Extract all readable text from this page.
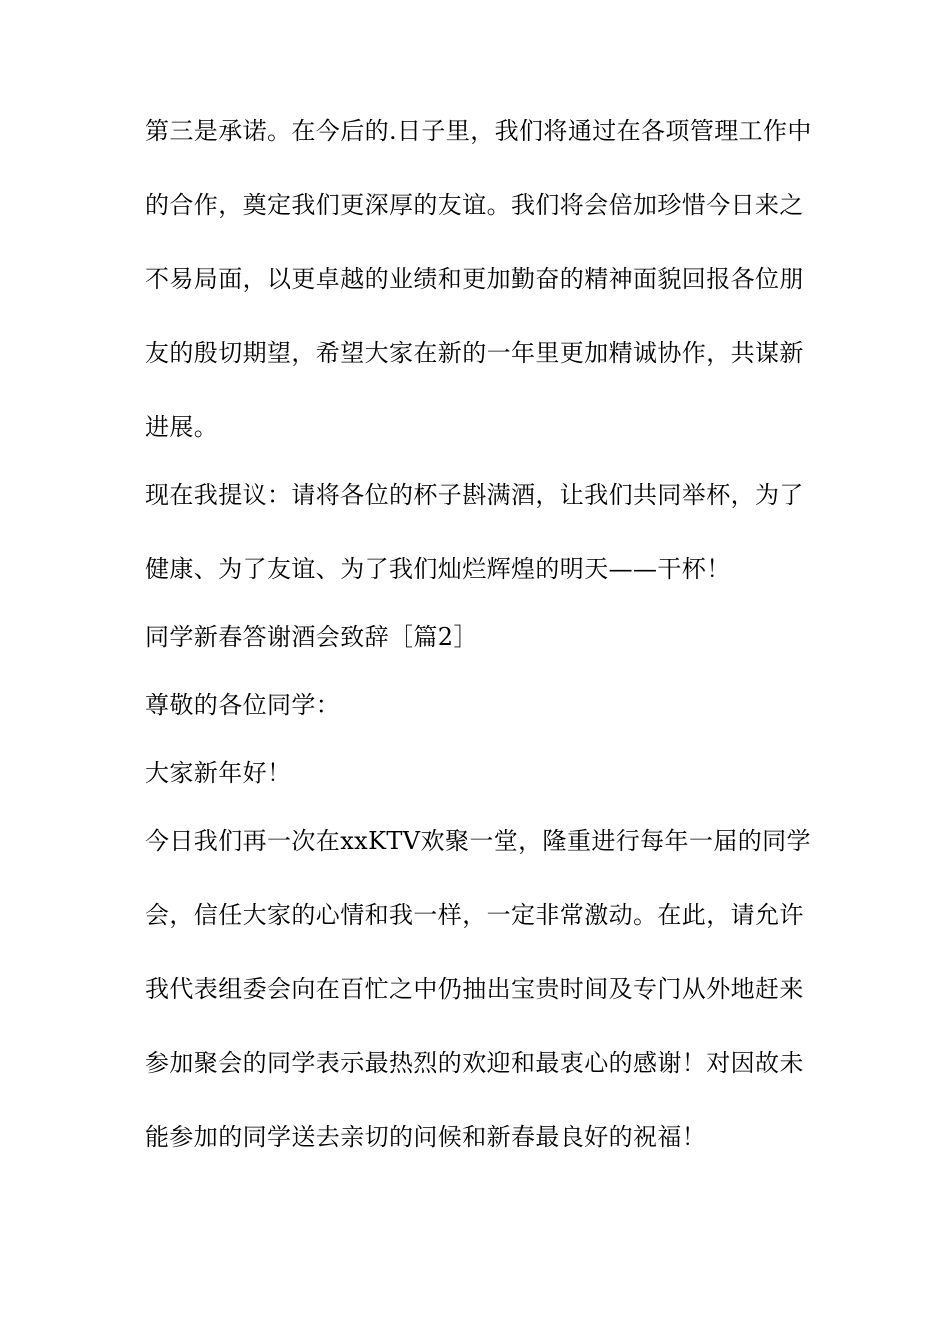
第三是承诺。在今后的.日子里，我们将通过在各项管理工作中
的合作，奠定我们更深厚的友谊。我们将会倍加珍惜今日来之
不易局面，以更卓越的业绩和更加勤奋的精神面貌回报各位朋
友的殷切期望，希望大家在新的一年里更加精诚协作，共谋新
进展。
现在我提议：请将各位的杯子斟满酒，让我们共同举杯，为了
健康、为了友谊、为了我们灿烂辉煌的明天——干杯！
同学新春答谢酒会致辞［篇2］
尊敬的各位同学：
大家新年好！
今日我们再一次在xxKTV欢聚一堂，隆重进行每年一届的同学
会，信任大家的心情和我一样，一定非常激动。在此，请允许
我代表组委会向在百忙之中仍抽出宝贵时间及专门从外地赶来
参加聚会的同学表示最热烈的欢迎和最衷心的感谢！对因故未
能参加的同学送去亲切的问候和新春最良好的祝福！
